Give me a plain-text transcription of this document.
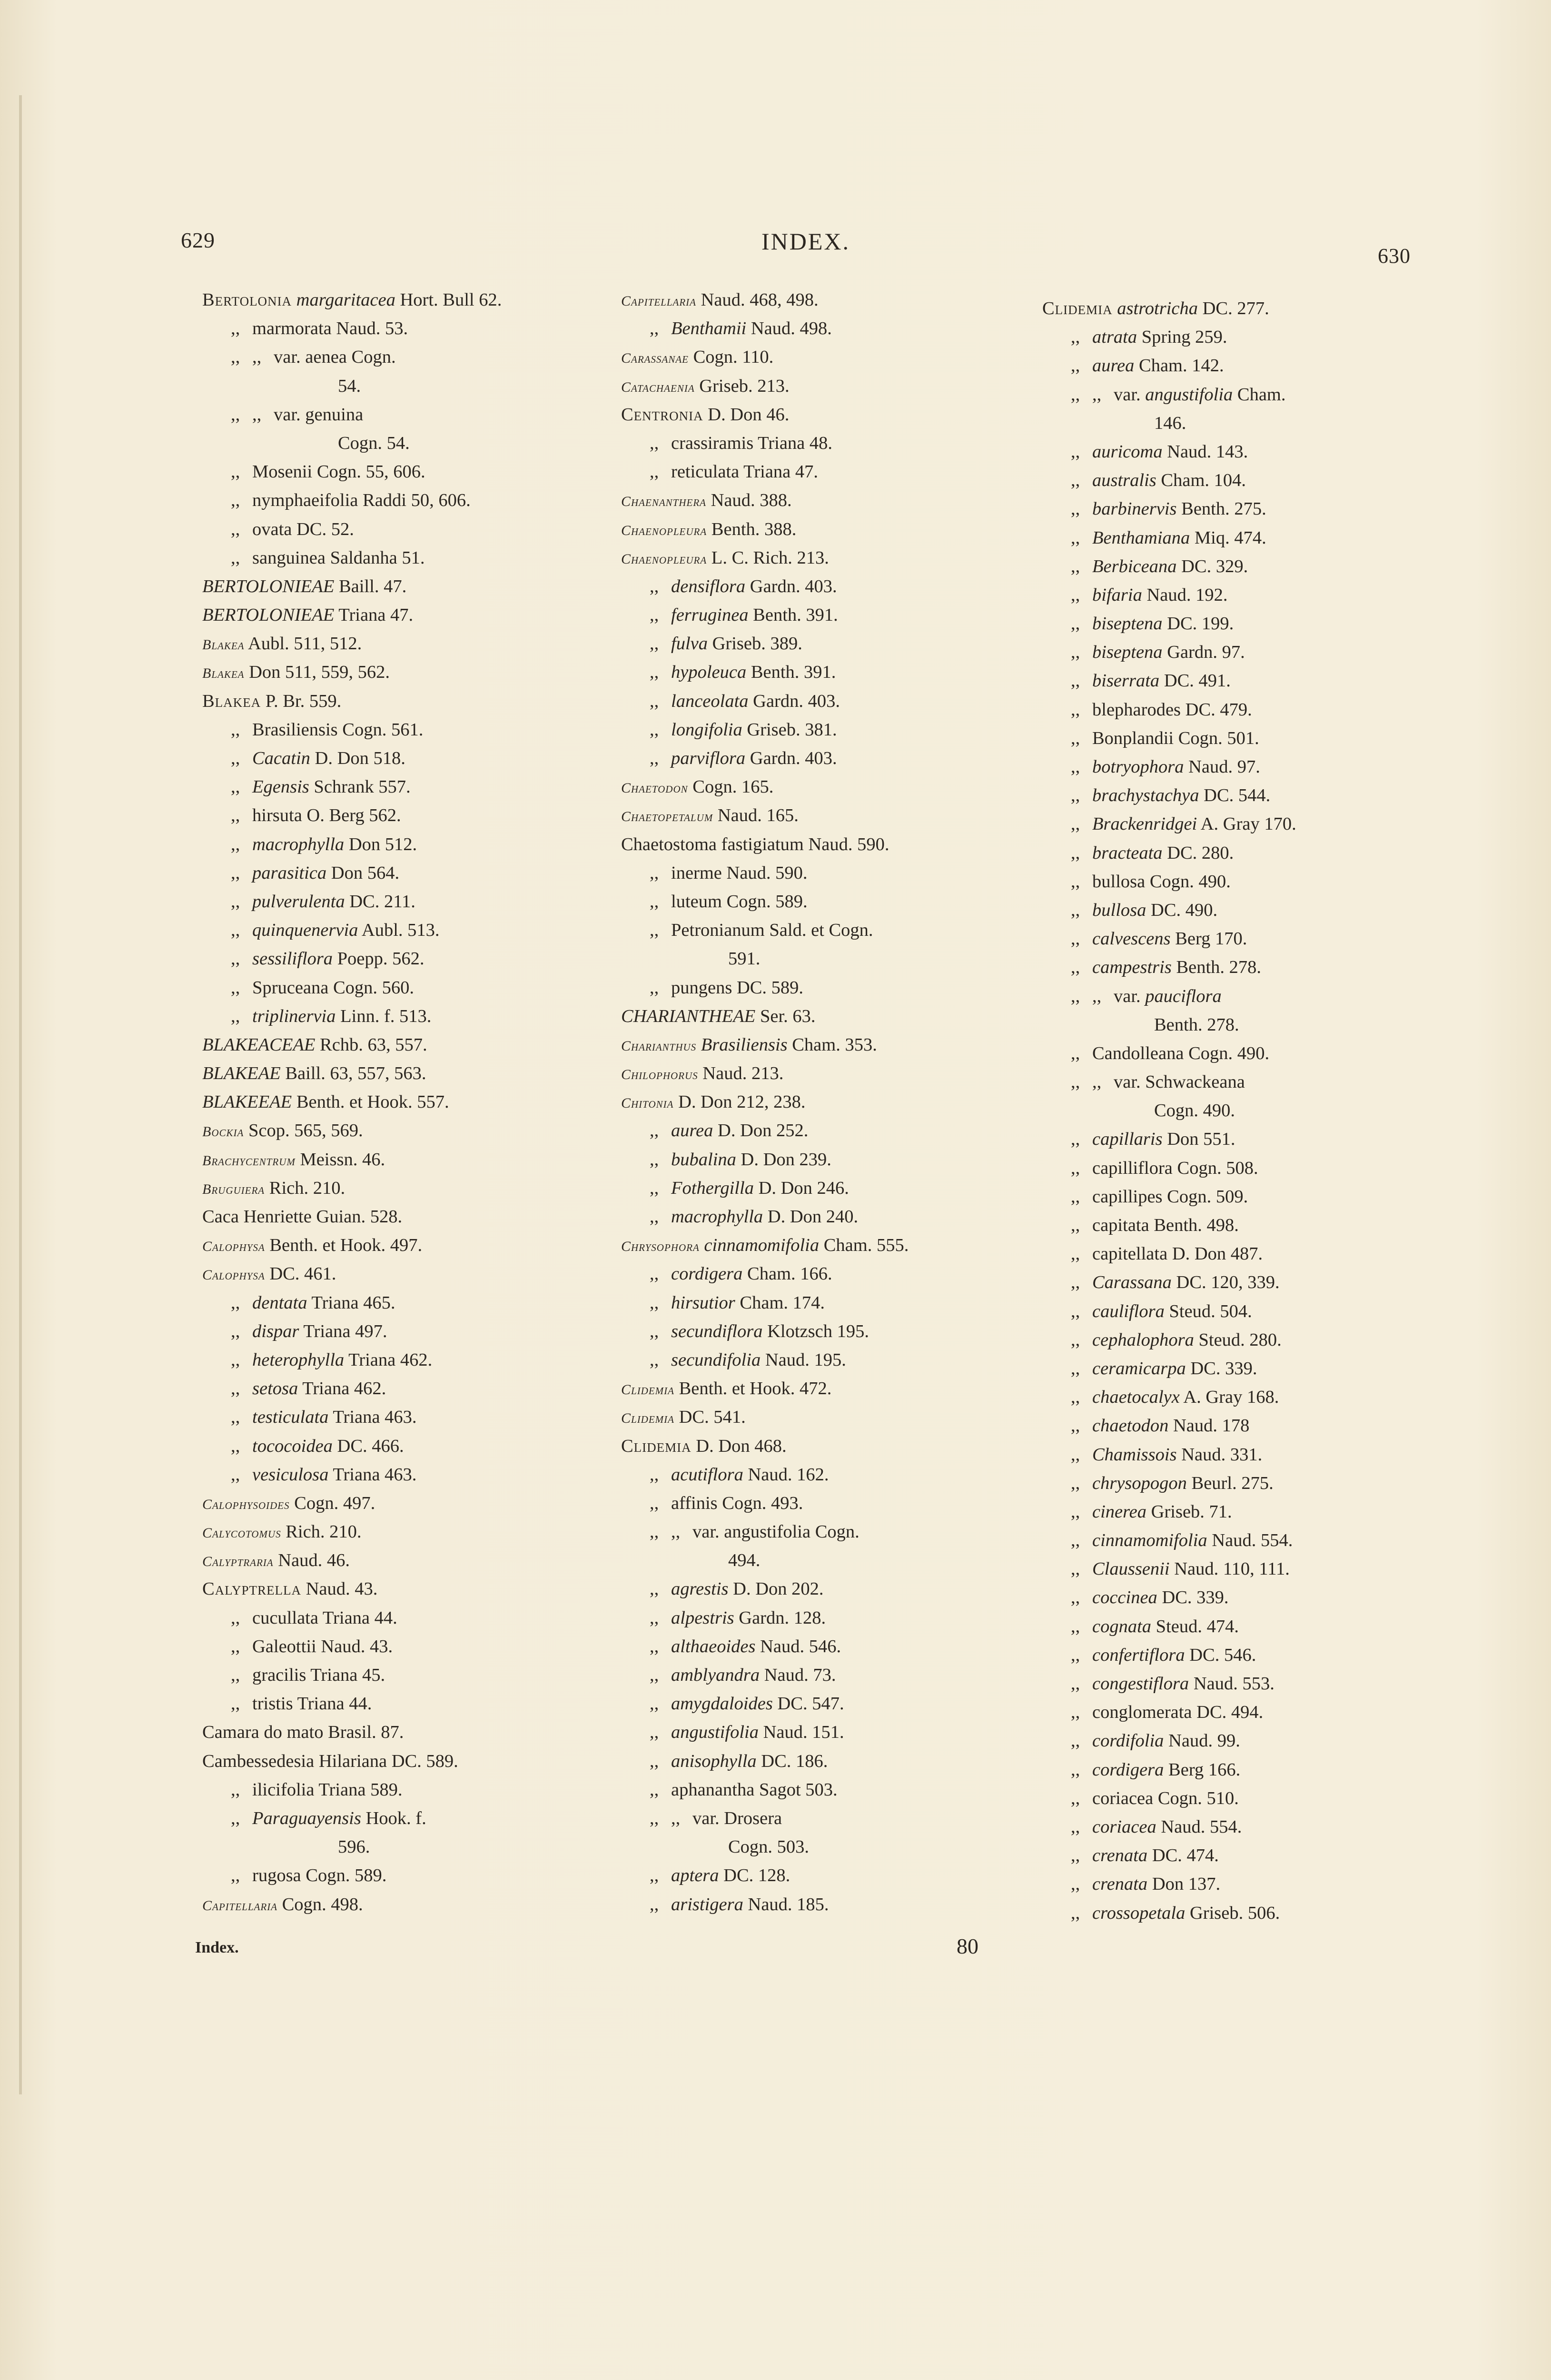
629	INDEX.
630
Bertolonia margaritacea Hort. Bull 62.
,, marmorata Naud. 53.
,, ,, var. aenea Cogn.
54.
,, ,, var. genuina
Cogn. 54.
,, Mosenii Cogn. 55, 606.
,, nymphaeifolia Raddi 50, 606.
,, ovata DC. 52.
,, sanguinea Saldanha 51.
BERTOLONIEAE Baill. 47.
BERTOLONIEAE Triana 47.
Blakea Aubl. 511, 512.
Blakea Don 511, 559, 562.
Blakea P. Br. 559.
,, Brasiliensis Cogn. 561.
,, Cacatin D. Don 518.
,, Egensis Schrank 557.
,, hirsuta O. Berg 562.
,, macrophylla Don 512.
,, parasitica Don 564.
,, pulverulenta DC. 211.
,, quinquenervia Aubl. 513.
,, sessiliflora Poepp. 562.
,, Spruceana Cogn. 560.
,, triplinervia Linn. f. 513.
BLAKEACEAE Rchb. 63, 557.
BLAKEAE Baill. 63, 557, 563.
BLAKEEAE Benth. et Hook. 557.
Bockia Scop. 565, 569.
Brachycentrum Meissn. 46.
Bruguiera Rich. 210.
Caca Henriette Guian. 528.
Calophysa Benth. et Hook. 497.
Calophysa DC. 461.
,, dentata Triana 465.
,, dispar Triana 497.
,, heterophylla Triana 462.
,, setosa Triana 462.
,, testiculata Triana 463.
,, tococoidea DC. 466.
,, vesiculosa Triana 463.
Calophysoides Cogn. 497.
Calycotomus Rich. 210.
Calyptraria Naud. 46.
Calyptrella Naud. 43.
,, cucullata Triana 44.
,, Galeottii Naud. 43.
,, gracilis Triana 45.
,, tristis Triana 44.
Camara do mato Brasil. 87.
Cambessedesia Hilariana DC. 589.
,, ilicifolia Triana 589.
,, Paraguayensis Hook. f.
596.
,, rugosa Cogn. 589.
Capitellaria Cogn. 498.
Capitellaria Naud. 468, 498.
,, Benthamii Naud. 498.
Carassanae Cogn. 110.
Catachaenia Griseb. 213.
Centronia D. Don 46.
,, crassiramis Triana 48.
,, reticulata Triana 47.
Chaenanthera Naud. 388.
Chaenopleura Benth. 388.
Chaenopleura L. C. Rich. 213.
,, densiflora Gardn. 403.
,, ferruginea Benth. 391.
,, fulva Griseb. 389.
,, hypoleuca Benth. 391.
,, lanceolata Gardn. 403.
,, longifolia Griseb. 381.
,, parviflora Gardn. 403.
Chaetodon Cogn. 165.
Chaetopetalum Naud. 165.
Chaetostoma fastigiatum Naud. 590.
,, inerme Naud. 590.
,, luteum Cogn. 589.
,, Petronianum Sald. et Cogn.
591.
,, pungens DC. 589.
CHARIANTHEAE Ser. 63.
Charianthus Brasiliensis Cham. 353.
Chilophorus Naud. 213.
Chitonia D. Don 212, 238.
,, aurea D. Don 252.
,, bubalina D. Don 239.
,, Fothergilla D. Don 246.
,, macrophylla D. Don 240.
Chrysophora cinnamomifolia Cham. 555.
,, cordigera Cham. 166.
,, hirsutior Cham. 174.
,, secundiflora Klotzsch 195.
,, secundifolia Naud. 195.
Clidemia Benth. et Hook. 472.
Clidemia DC. 541.
Clidemia D. Don 468.
,, acutiflora Naud. 162.
,, affinis Cogn. 493.
,, ,, var. angustifolia Cogn.
494.
,, agrestis D. Don 202.
,, alpestris Gardn. 128.
,, althaeoides Naud. 546.
,, amblyandra Naud. 73.
,, amygdaloides DC. 547.
,, angustifolia Naud. 151.
,, anisophylla DC. 186.
,, aphanantha Sagot 503.
,, ,, var. Drosera
Cogn. 503.
,, aptera DC. 128.
,, aristigera Naud. 185.
Clidemia astrotricha DC. 277.
,, atrata Spring 259.
,, aurea Cham. 142.
,, ,, var. angustifolia Cham.
146.
,, auricoma Naud. 143.
,, australis Cham. 104.
,, barbinervis Benth. 275.
,, Benthamiana Miq. 474.
,, Berbiceana DC. 329.
,, bifaria Naud. 192.
,, biseptena DC. 199.
,, biseptena Gardn. 97.
,, biserrata DC. 491.
,, blepharodes DC. 479.
,, Bonplandii Cogn. 501.
,, botryophora Naud. 97.
,, brachystachya DC. 544.
,, Brackenridgei A. Gray 170.
,, bracteata DC. 280.
,, bullosa Cogn. 490.
,, bullosa DC. 490.
,, calvescens Berg 170.
,, campestris Benth. 278.
,, ,, var. pauciflora
Benth. 278.
,, Candolleana Cogn. 490.
,, ,, var. Schwackeana
Cogn. 490.
,, capillaris Don 551.
,, capilliflora Cogn. 508.
,, capillipes Cogn. 509.
,, capitata Benth. 498.
,, capitellata D. Don 487.
,, Carassana DC. 120, 339.
,, cauliflora Steud. 504.
,, cephalophora Steud. 280.
,, ceramicarpa DC. 339.
,, chaetocalyx A. Gray 168.
,, chaetodon Naud. 178
,, Chamissois Naud. 331.
,, chrysopogon Beurl. 275.
,, cinerea Griseb. 71.
,, cinnamomifolia Naud. 554.
,, Claussenii Naud. 110, 111.
,, coccinea DC. 339.
,, cognata Steud. 474.
,, confertiflora DC. 546.
,, congestiflora Naud. 553.
,, conglomerata DC. 494.
,, cordifolia Naud. 99.
,, cordigera Berg 166.
,, coriacea Cogn. 510.
,, coriacea Naud. 554.
,, crenata DC. 474.
,, crenata Don 137.
,, crossopetala Griseb. 506.
Index.	80
